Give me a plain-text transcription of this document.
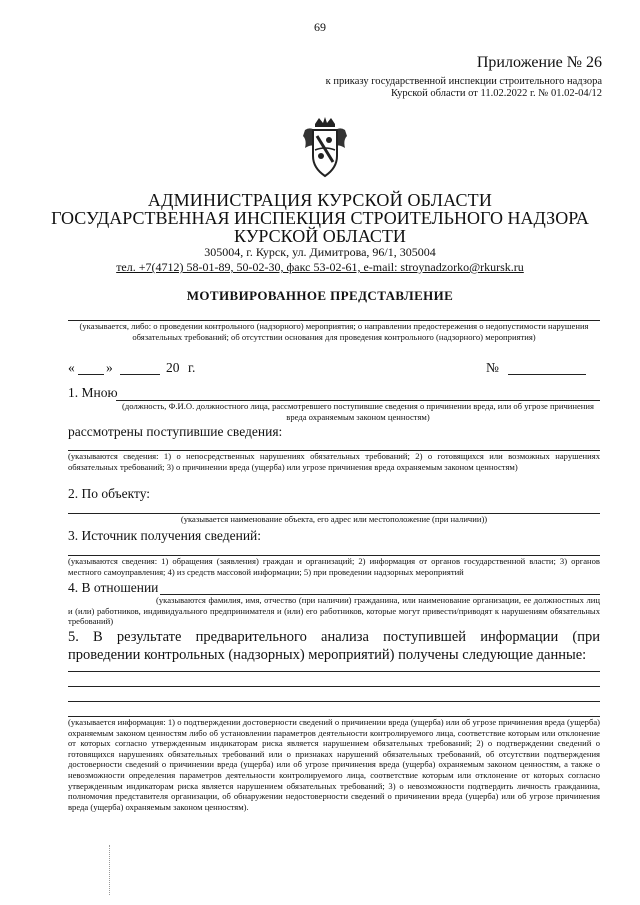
69
Приложение № 26
к приказу государственной инспекции строительного надзора
Курской области от 11.02.2022 г. № 01.02-04/12
АДМИНИСТРАЦИЯ КУРСКОЙ ОБЛАСТИ
ГОСУДАРСТВЕННАЯ ИНСПЕКЦИЯ СТРОИТЕЛЬНОГО НАДЗОРА
КУРСКОЙ ОБЛАСТИ
305004, г. Курск, ул. Димитрова, 96/1, 305004
тел. +7(4712) 58-01-89, 50-02-30, факс 53-02-61, e-mail: stroynadzorko@rkursk.ru
МОТИВИРОВАННОЕ ПРЕДСТАВЛЕНИЕ
(указывается, либо: о проведении контрольного (надзорного) мероприятия; о направлении предостережения о недопустимости нарушения обязательных требований; об отсутствии основания для проведения контрольного (надзорного) мероприятия)
« »	20 г.	№
1. Мною
(должность, Ф.И.О. должностного лица, рассмотревшего поступившие сведения о причинении вреда, или об угрозе причинения вреда охраняемым законом ценностям)
рассмотрены поступившие сведения:
(указываются сведения: 1) о непосредственных нарушениях обязательных требований; 2) о готовящихся или возможных нарушениях обязательных требований; 3) о причинении вреда (ущерба) или угрозе причинения вреда охраняемым законом ценностям)
2. По объекту:
(указывается наименование объекта, его адрес или местоположение (при наличии))
3. Источник получения сведений:
(указываются сведения: 1) обращения (заявления) граждан и организаций; 2) информация от органов государственной власти; 3) органов местного самоуправления; 4) из средств массовой информации; 5) при проведении надзорных мероприятий
4. В отношении
(указываются фамилия, имя, отчество (при наличии) гражданина, или наименование организации, ее должностных лиц и (или) работников, индивидуального предпринимателя и (или) его работников, которые могут привести/приводят к нарушениям обязательных требований)
5. В результате предварительного анализа поступившей информации (при проведении контрольных (надзорных) мероприятий) получены следующие данные:
(указывается информация: 1) о подтверждении достоверности сведений о причинении вреда (ущерба) или об угрозе причинения вреда (ущерба) охраняемым законом ценностям либо об установлении параметров деятельности контролируемого лица, соответствие которым или отклонение от которых согласно утвержденным индикаторам риска является нарушением обязательных требований; 2) о подтверждении сведений о готовящихся нарушениях обязательных требований или о признаках нарушений обязательных требований, об отсутствии подтверждения достоверности сведений о причинении вреда (ущерба) или об угрозе причинения вреда (ущерба) охраняемым законом ценностям, а также о невозможности определения параметров деятельности контролируемого лица, соответствие которым или отклонение от которых согласно утвержденным индикаторам риска является нарушением обязательных требований; 3) о невозможности подтвердить личность гражданина, полномочия представителя организации, об обнаружении недостоверности сведений о причинении вреда (ущерба) или об угрозе причинения вреда (ущерба) охраняемым законом ценностям).
